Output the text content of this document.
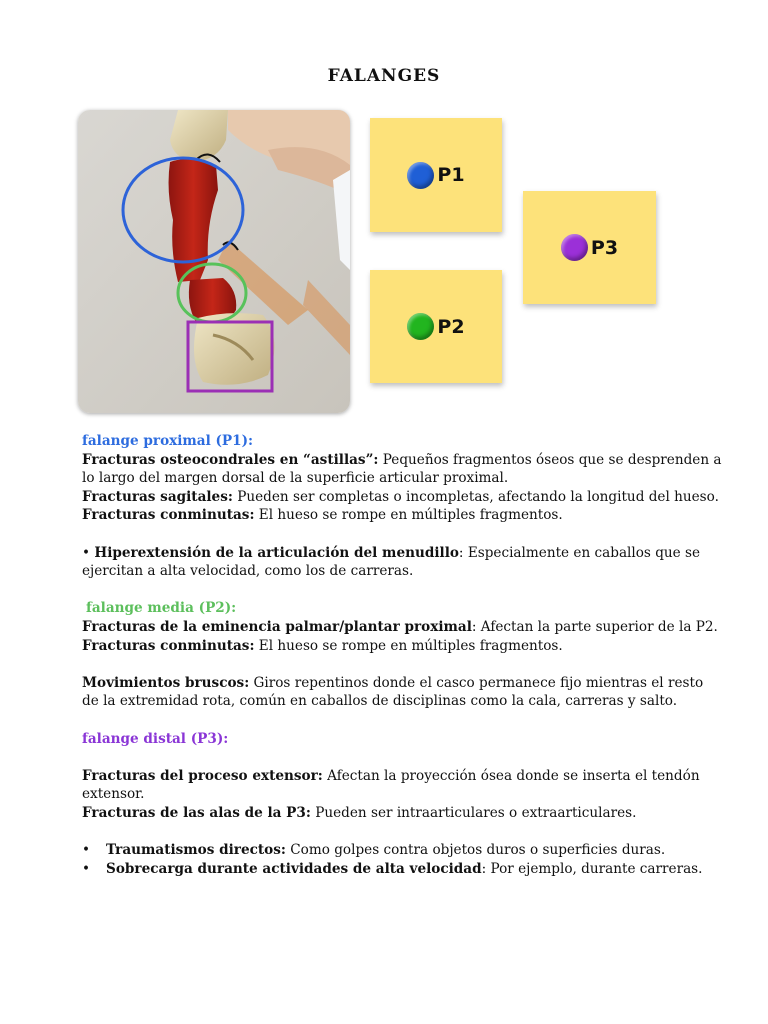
FALANGES
P1
P2
P3

falange proximal (P1):

Fracturas osteocondrales en “astillas”: Pequeños fragmentos óseos que se desprenden a lo largo del margen dorsal de la superficie articular proximal.

Fracturas sagitales: Pueden ser completas o incompletas, afectando la longitud del hueso.

Fracturas conminutas: El hueso se rompe en múltiples fragmentos.

• Hiperextensión de la articulación del menudillo: Especialmente en caballos que se ejercitan a alta velocidad, como los de carreras.

falange media (P2):

Fracturas de la eminencia palmar/plantar proximal: Afectan la parte superior de la P2.

Fracturas conminutas: El hueso se rompe en múltiples fragmentos.

Movimientos bruscos: Giros repentinos donde el casco permanece fijo mientras el resto de la extremidad rota, común en caballos de disciplinas como la cala, carreras y salto.

falange distal (P3):

Fracturas del proceso extensor: Afectan la proyección ósea donde se inserta el tendón extensor.

Fracturas de las alas de la P3: Pueden ser intraarticulares o extraarticulares.

• Traumatismos directos: Como golpes contra objetos duros o superficies duras.

• Sobrecarga durante actividades de alta velocidad: Por ejemplo, durante carreras.
